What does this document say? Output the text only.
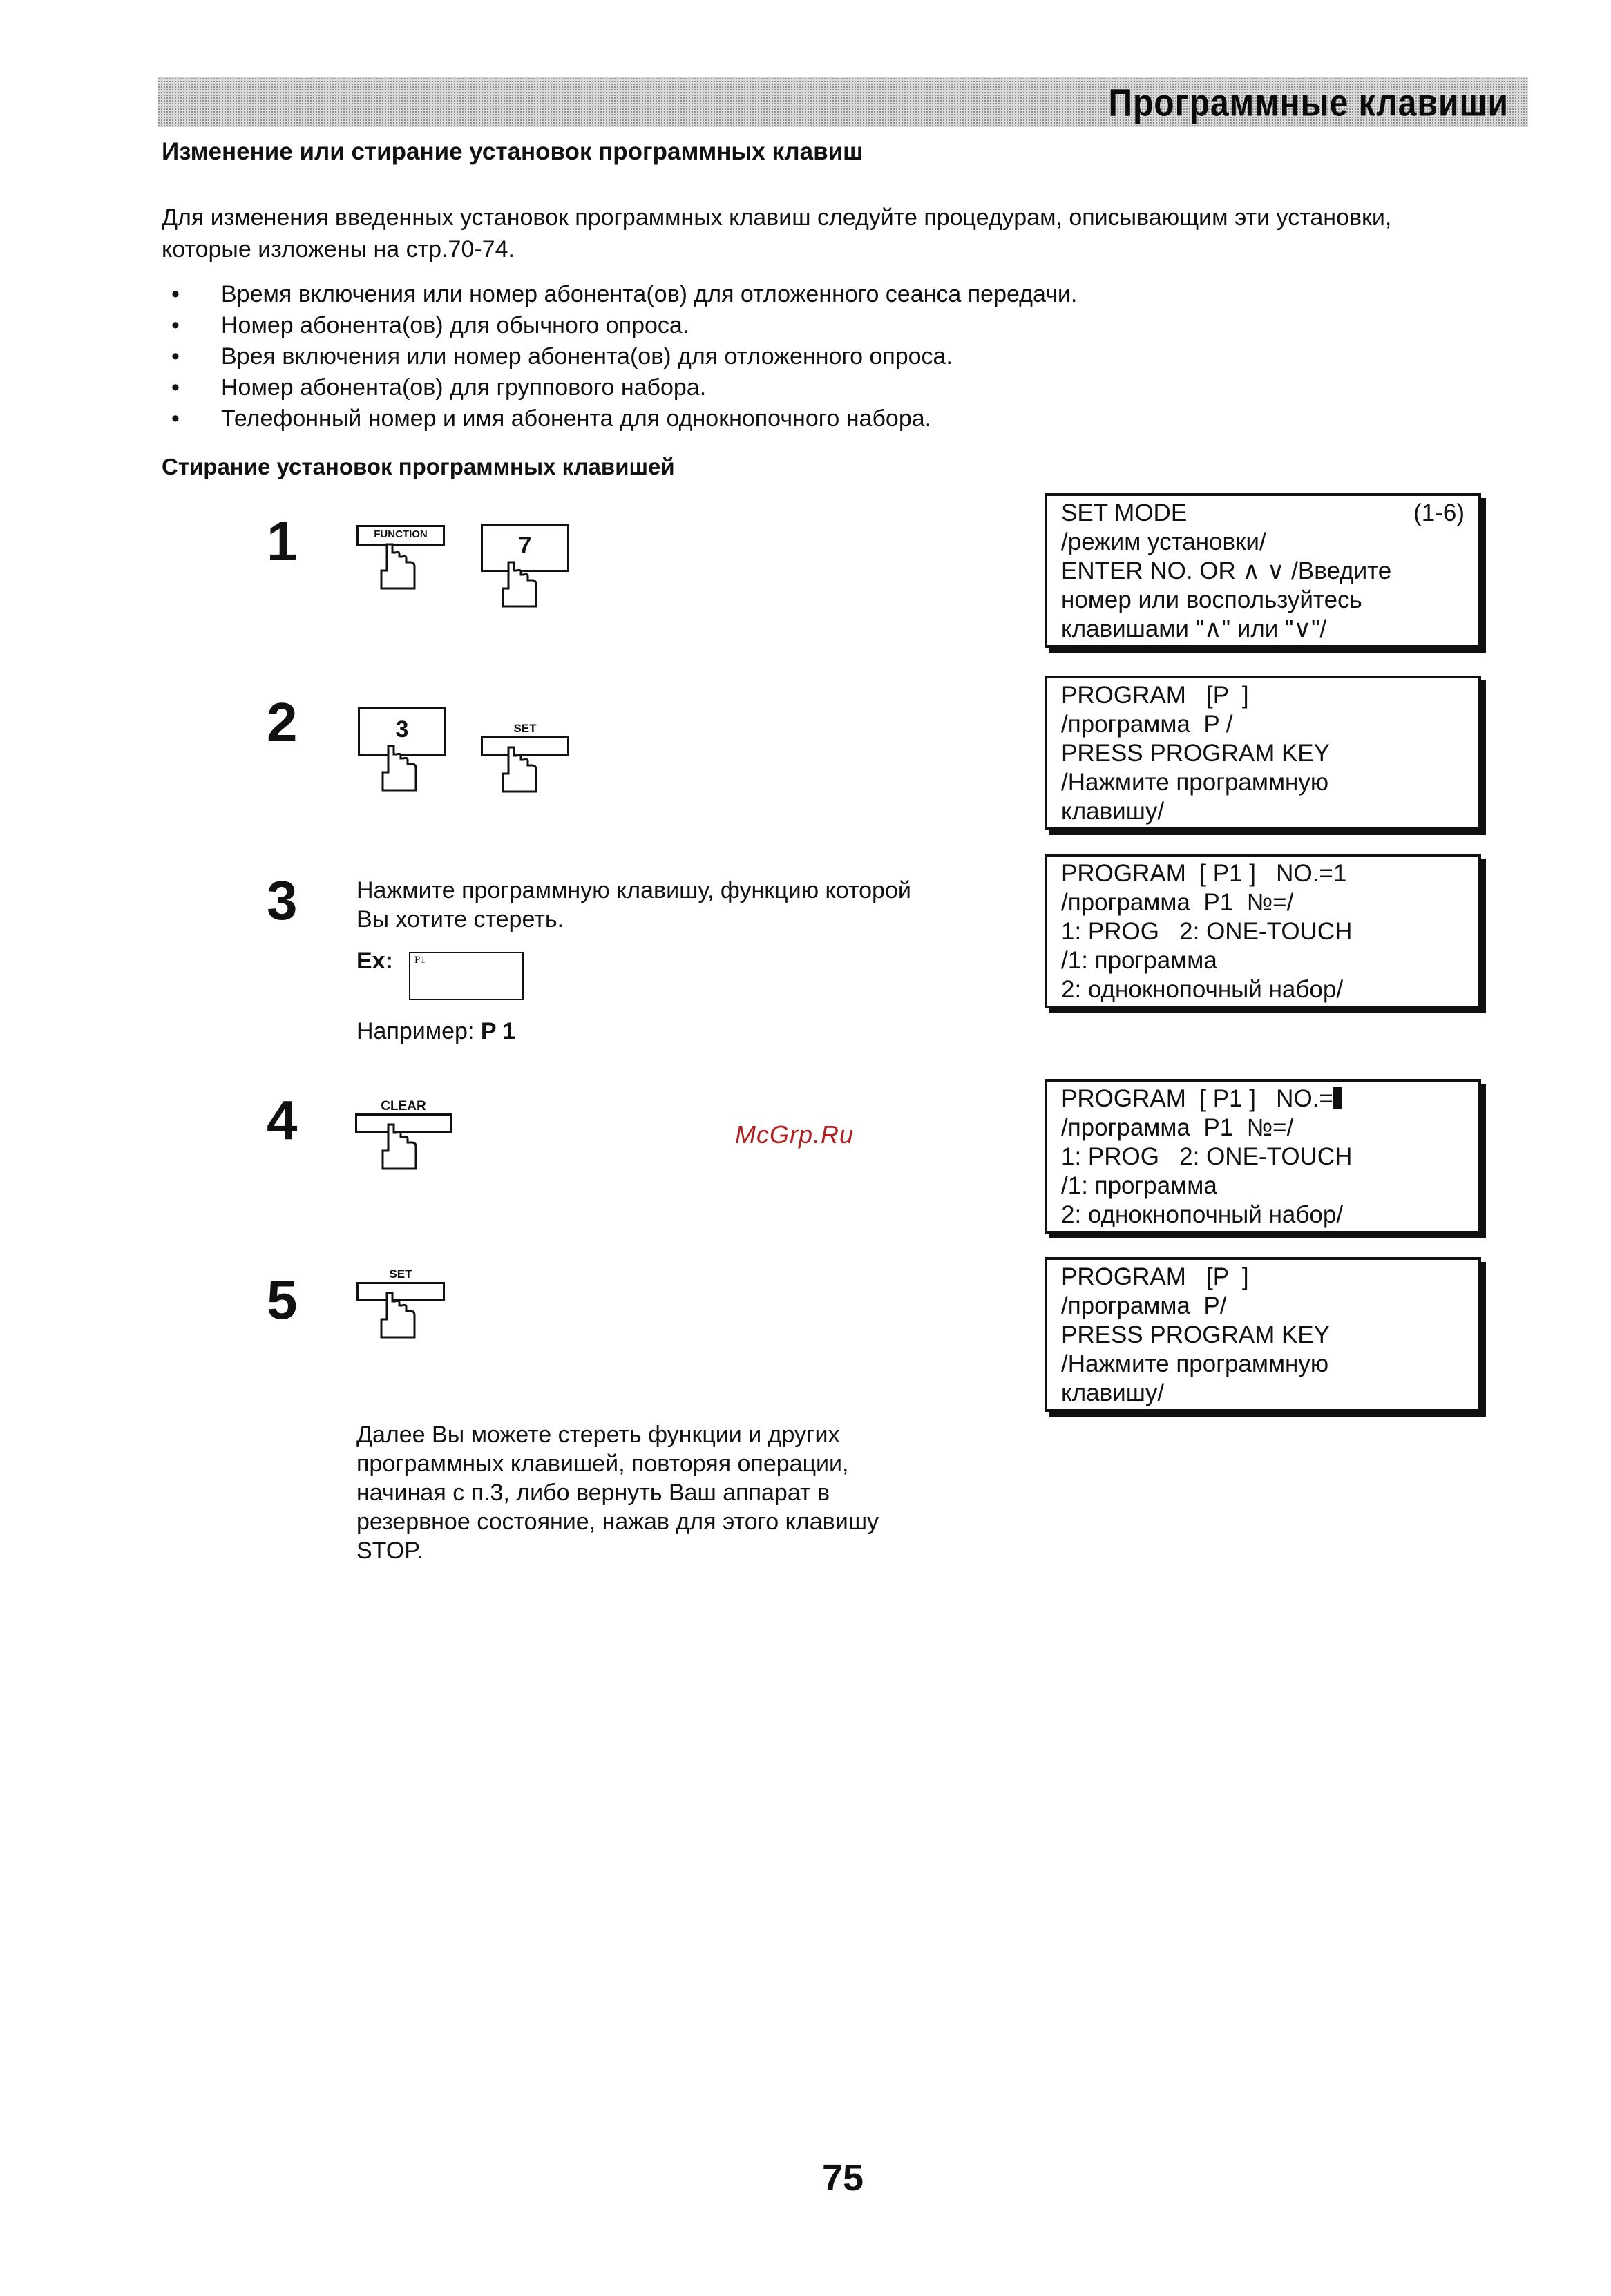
Программные клавиши
Изменение или стирание установок программных клавиш
Для изменения введенных установок программных клавиш следуйте процедурам, описывающим эти установки, которые изложены на стр.70-74.
• Время включения или номер абонента(ов) для отложенного сеанса передачи.
• Номер абонента(ов) для обычного опроса.
• Врея включения или номер абонента(ов) для отложенного опроса.
• Номер абонента(ов) для группового набора.
• Телефонный номер и имя абонента для однокнопочного набора.
Стирание установок программных клавишей
1	FUNCTION	7
2	3	SET
3	Нажмите программную клавишу, функцию которой
Вы хотите стереть.
Ex: P1
Например: P 1
4	CLEAR
McGrp.Ru
5	SET
Далее Вы можете стереть функции и других
программных клавишей, повторяя операции,
начиная с п.3, либо вернуть Ваш аппарат в
резервное состояние, нажав для этого клавишу
STOP.
SET MODE	(1-6)
/режим установки/
ENTER NO. OR ∧ ∨ /Введите
номер или воспользуйтесь
клавишами "∧" или "∨"/
PROGRAM   [P  ]
/программа  P /
PRESS PROGRAM KEY
/Нажмите программную
клавишу/
PROGRAM  [ P1 ]   NO.=1
/программа  P1  №=/
1: PROG   2: ONE-TOUCH
/1: программа
2: однокнопочный набор/
PROGRAM  [ P1 ]   NO.=
/программа  P1  №=/
1: PROG   2: ONE-TOUCH
/1: программа
2: однокнопочный набор/
PROGRAM   [P  ]
/программа  P/
PRESS PROGRAM KEY
/Нажмите программную
клавишу/
75
